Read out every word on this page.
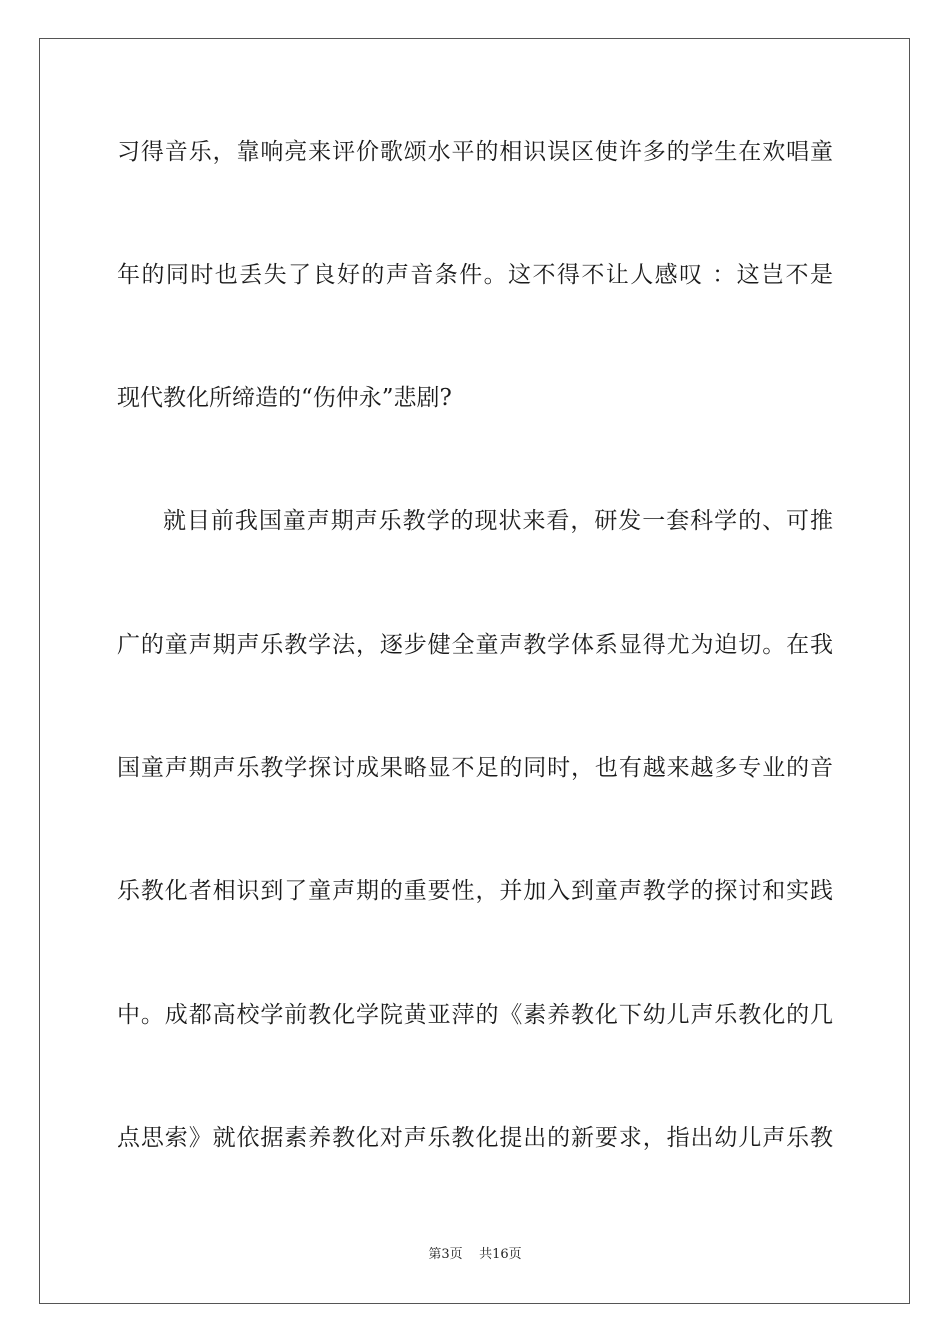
习得音乐，靠响亮来评价歌颂水平的相识误区使许多的学生在欢唱童
年的同时也丢失了良好的声音条件。这不得不让人感叹 ：这岂不是
现代教化所缔造的“伤仲永”悲剧?
就目前我国童声期声乐教学的现状来看，研发一套科学的、可推
广的童声期声乐教学法，逐步健全童声教学体系显得尤为迫切。在我
国童声期声乐教学探讨成果略显不足的同时，也有越来越多专业的音
乐教化者相识到了童声期的重要性，并加入到童声教学的探讨和实践
中。成都高校学前教化学院黄亚萍的《素养教化下幼儿声乐教化的几
点思索》就依据素养教化对声乐教化提出的新要求，指出幼儿声乐教
第3页    共16页
